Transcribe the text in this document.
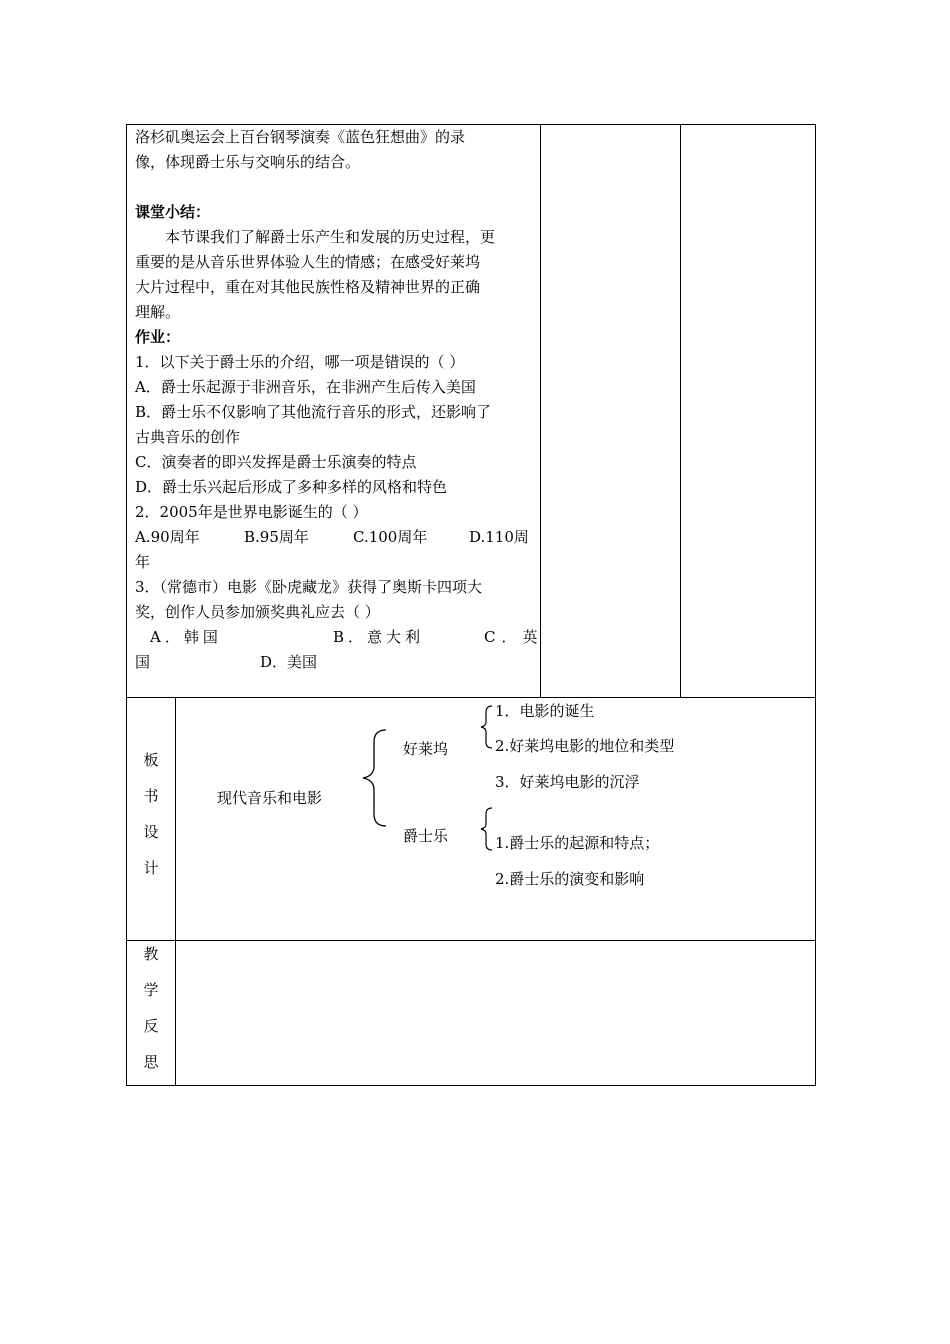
洛杉矶奥运会上百台钢琴演奏《蓝色狂想曲》的录
像，体现爵士乐与交响乐的结合。
课堂小结：
本节课我们了解爵士乐产生和发展的历史过程，更
重要的是从音乐世界体验人生的情感；在感受好莱坞
大片过程中，重在对其他民族性格及精神世界的正确
理解。
作业：
1．以下关于爵士乐的介绍，哪一项是错误的（ ）
A．爵士乐起源于非洲音乐，在非洲产生后传入美国
B．爵士乐不仅影响了其他流行音乐的形式，还影响了
古典音乐的创作
C．演奏者的即兴发挥是爵士乐演奏的特点
D．爵士乐兴起后形成了多种多样的风格和特色
2．2005年是世界电影诞生的（ ）
A.90周年	B.95周年	C.100周年	D.110周
年
3．（常德市）电影《卧虎藏龙》获得了奥斯卡四项大
奖，创作人员参加颁奖典礼应去（ ）
A．韩国	B．意大利	C．英
国	D．美国
板
书
设
计
现代音乐和电影
好莱坞
爵士乐
1．电影的诞生
2.好莱坞电影的地位和类型
3．好莱坞电影的沉浮
1.爵士乐的起源和特点；
2.爵士乐的演变和影响
教
学
反
思
